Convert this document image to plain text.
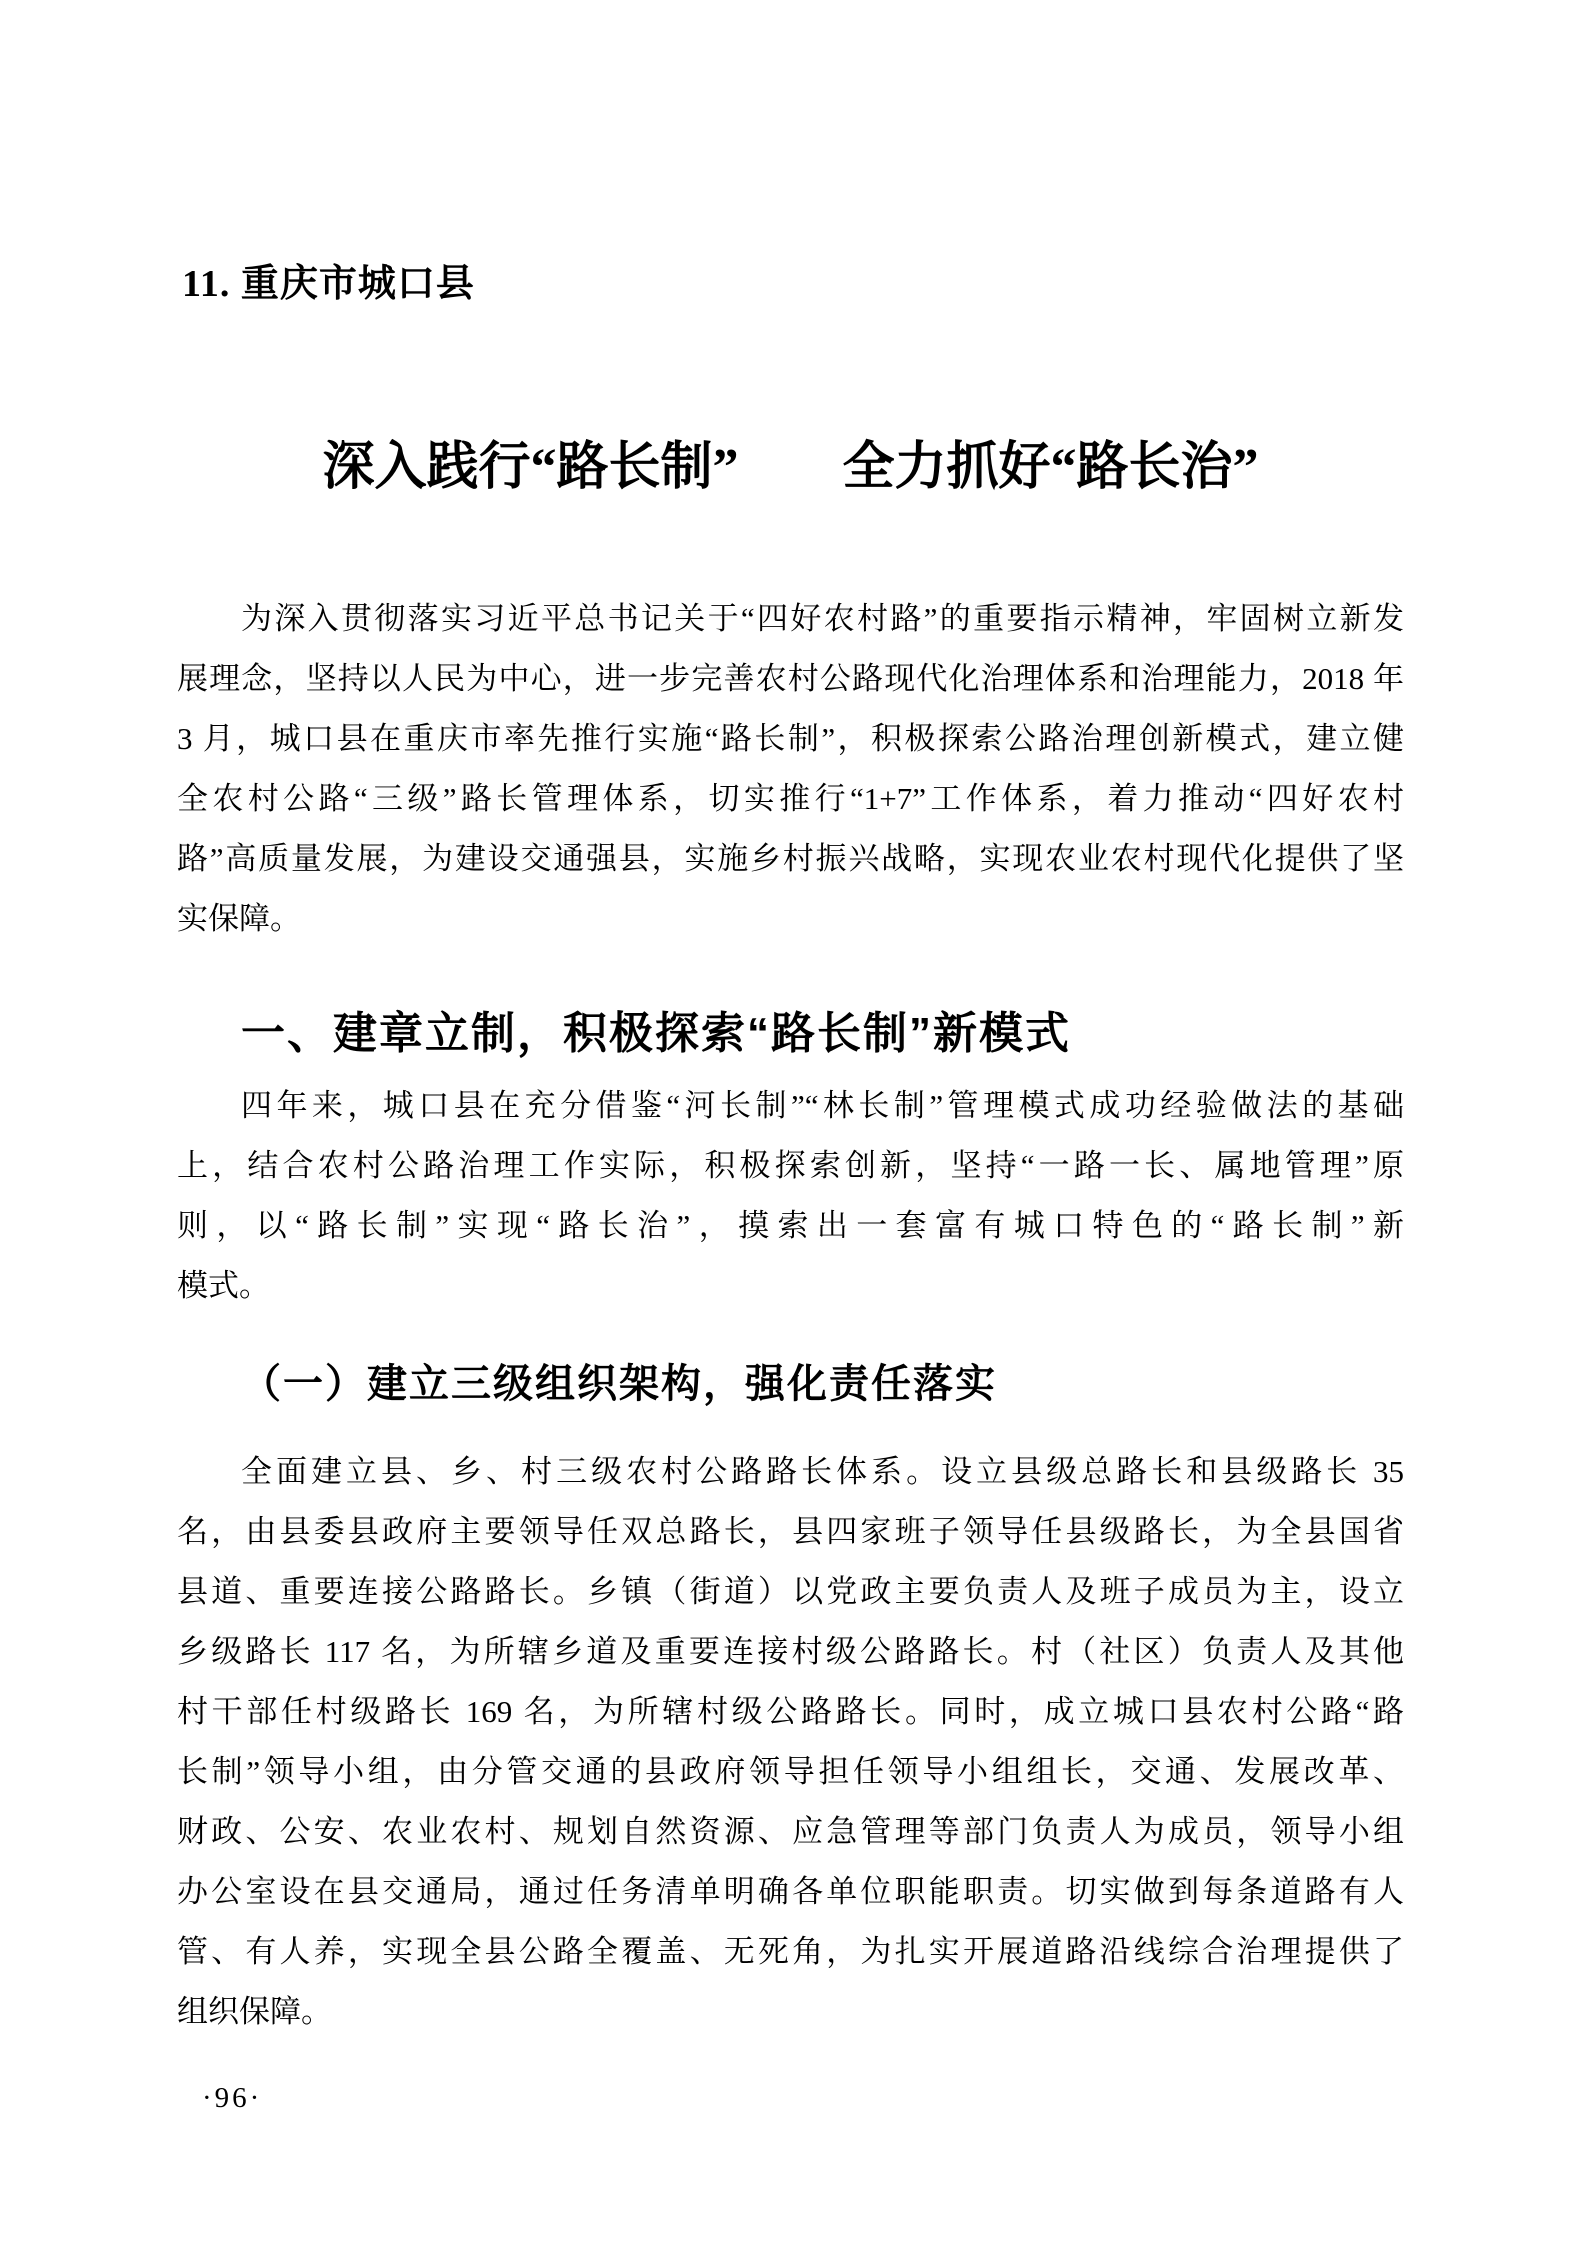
11. 重庆市城口县
深入践行“路长制”　　全力抓好“路长治”
为深入贯彻落实习近平总书记关于“四好农村路”的重要指示精神，牢固树立新发
展理念，坚持以人民为中心，进一步完善农村公路现代化治理体系和治理能力，2018 年
3 月，城口县在重庆市率先推行实施“路长制”，积极探索公路治理创新模式，建立健
全农村公路“三级”路长管理体系，切实推行“1+7”工作体系，着力推动“四好农村
路”高质量发展，为建设交通强县，实施乡村振兴战略，实现农业农村现代化提供了坚
实保障。
一、建章立制，积极探索“路长制”新模式
四年来，城口县在充分借鉴“河长制”“林长制”管理模式成功经验做法的基础
上，结合农村公路治理工作实际，积极探索创新，坚持“一路一长、属地管理”原
则，以“路长制”实现“路长治”，摸索出一套富有城口特色的“路长制”新
模式。
（一）建立三级组织架构，强化责任落实
全面建立县、乡、村三级农村公路路长体系。设立县级总路长和县级路长 35
名，由县委县政府主要领导任双总路长，县四家班子领导任县级路长，为全县国省
县道、重要连接公路路长。乡镇（街道）以党政主要负责人及班子成员为主，设立
乡级路长 117 名，为所辖乡道及重要连接村级公路路长。村（社区）负责人及其他
村干部任村级路长 169 名，为所辖村级公路路长。同时，成立城口县农村公路“路
长制”领导小组，由分管交通的县政府领导担任领导小组组长，交通、发展改革、
财政、公安、农业农村、规划自然资源、应急管理等部门负责人为成员，领导小组
办公室设在县交通局，通过任务清单明确各单位职能职责。切实做到每条道路有人
管、有人养，实现全县公路全覆盖、无死角，为扎实开展道路沿线综合治理提供了
组织保障。
·96·
